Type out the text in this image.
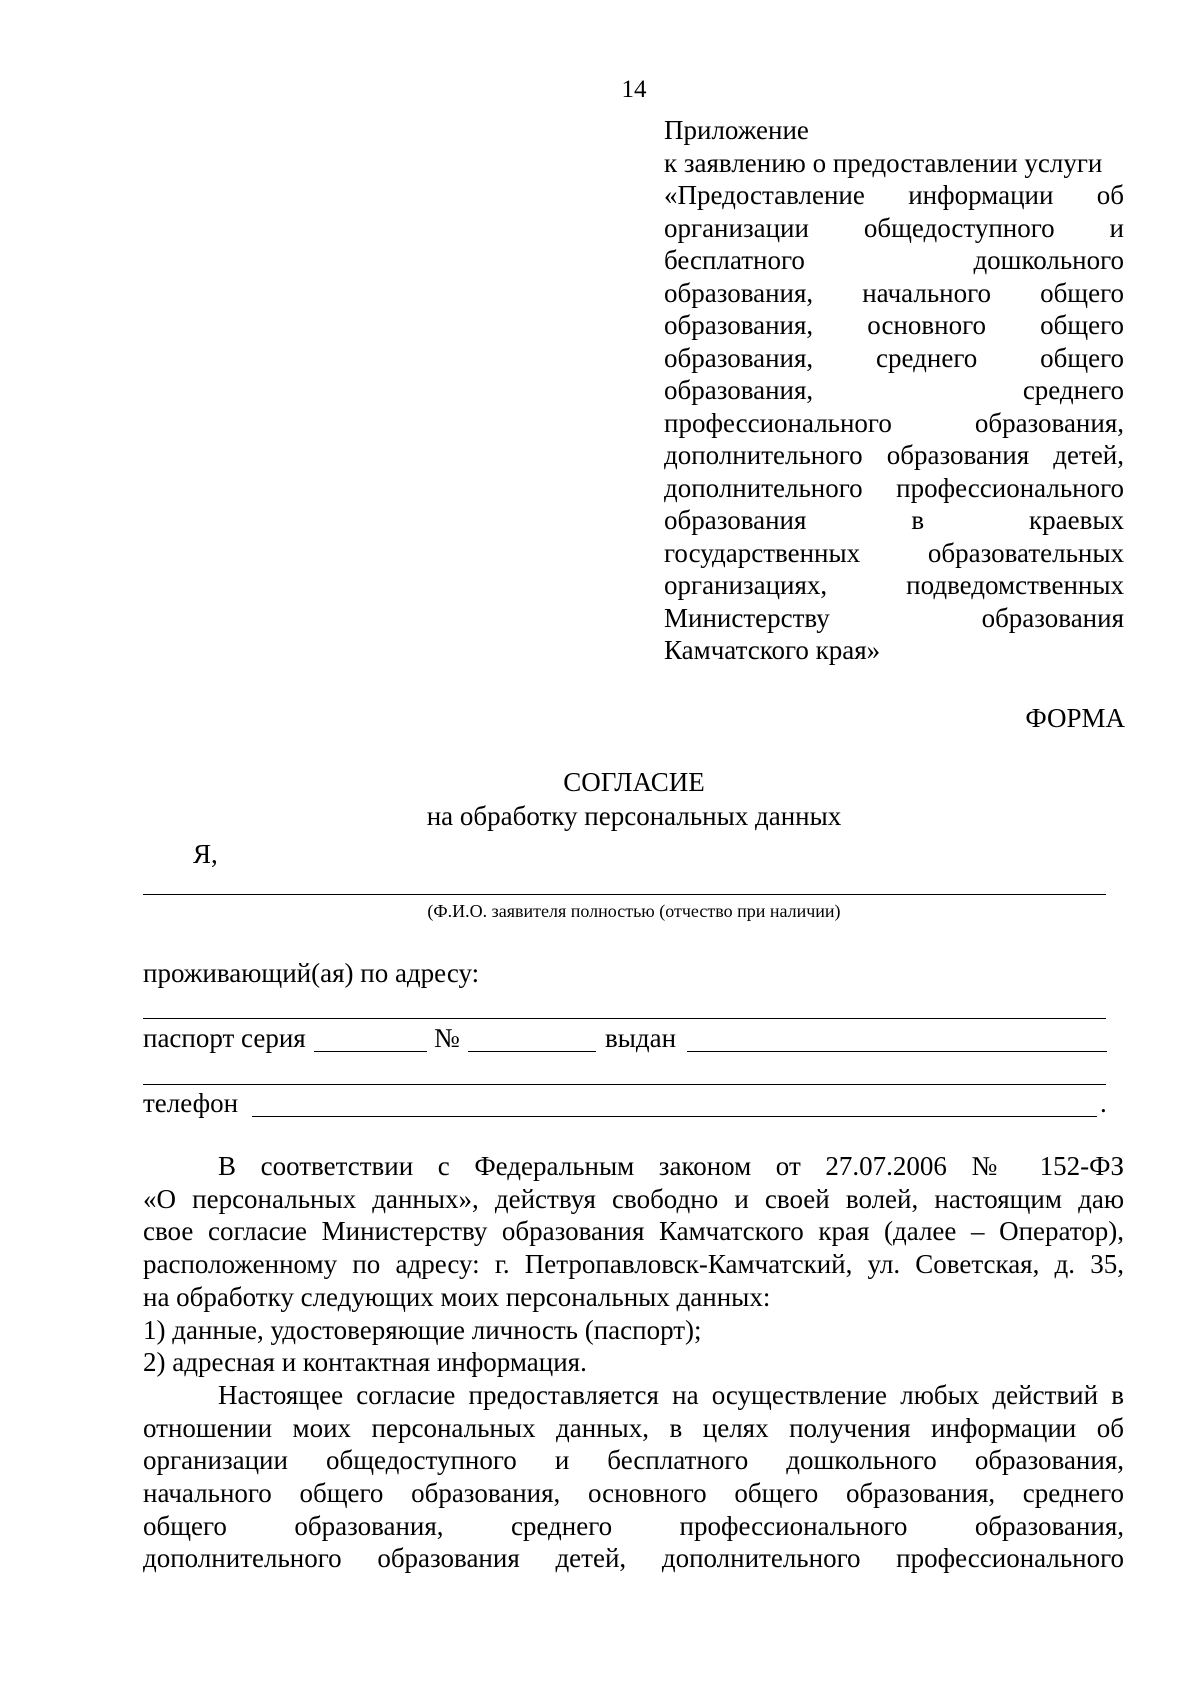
14
Приложение
к заявлению о предоставлении услуги
«Предоставление информации об
организации общедоступного и
бесплатного дошкольного
образования, начального общего
образования, основного общего
образования, среднего общего
образования, среднего
профессионального образования,
дополнительного образования детей,
дополнительного профессионального
образования в краевых
государственных образовательных
организациях, подведомственных
Министерству образования
Камчатского края»
ФОРМА
СОГЛАСИЕ
на обработку персональных данных
Я,
(Ф.И.О. заявителя полностью (отчество при наличии)
проживающий(ая) по адресу:
паспорт серия	№	выдан
телефон	.
В соответствии с Федеральным законом от 27.07.2006 № 152-ФЗ
«О персональных данных», действуя свободно и своей волей, настоящим даю
свое согласие Министерству образования Камчатского края (далее – Оператор),
расположенному по адресу: г. Петропавловск-Камчатский, ул. Советская, д. 35,
на обработку следующих моих персональных данных:
1) данные, удостоверяющие личность (паспорт);
2) адресная и контактная информация.
Настоящее согласие предоставляется на осуществление любых действий в
отношении моих персональных данных, в целях получения информации об
организации общедоступного и бесплатного дошкольного образования,
начального общего образования, основного общего образования, среднего
общего образования, среднего профессионального образования,
дополнительного образования детей, дополнительного профессионального
